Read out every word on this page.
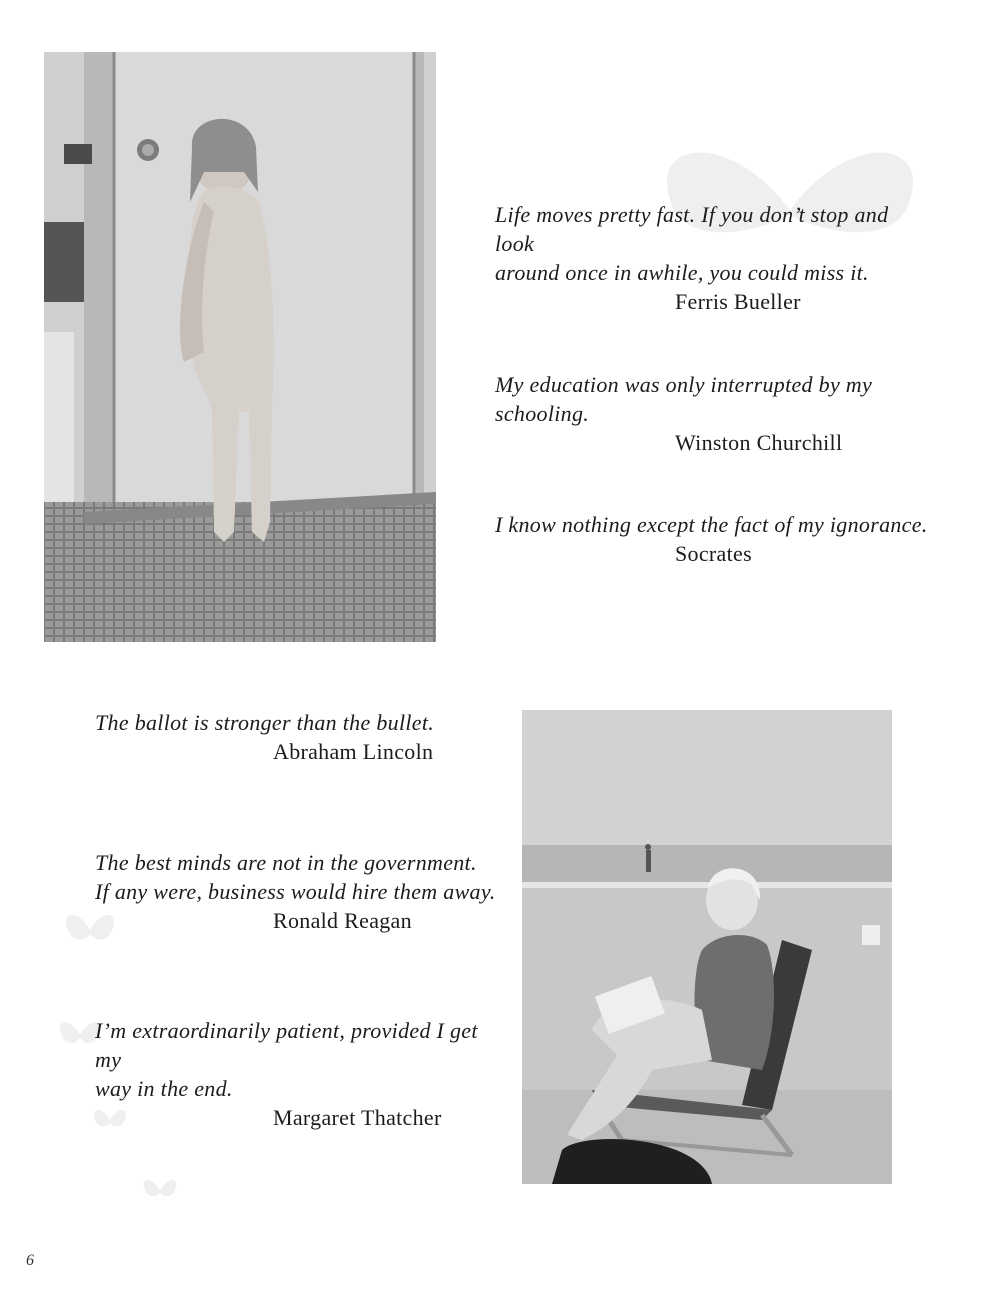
Life moves pretty fast. If you don’t stop and look
around once in awhile, you could miss it.

Ferris Bueller

My education was only interrupted by my schooling.

Winston Churchill

I know nothing except the fact of my ignorance.

Socrates

The ballot is stronger than the bullet.

Abraham Lincoln

The best minds are not in the government.
If any were, business would hire them away.

Ronald Reagan

I’m extraordinarily patient, provided I get my
way in the end.

Margaret Thatcher

6
